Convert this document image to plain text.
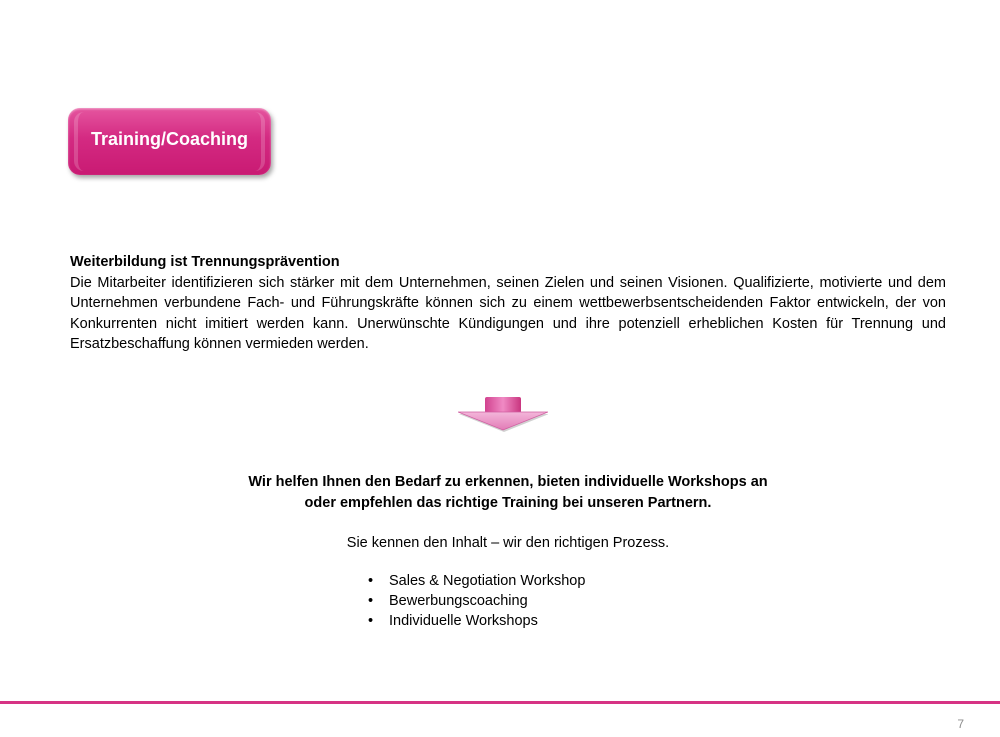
Training/Coaching
Weiterbildung ist Trennungsprävention
Die Mitarbeiter identifizieren sich stärker mit dem Unternehmen, seinen Zielen und seinen Visionen. Qualifizierte, motivierte und dem Unternehmen verbundene Fach- und Führungskräfte können sich zu einem wettbewerbsentscheidenden Faktor entwickeln, der von Konkurrenten nicht imitiert werden kann. Unerwünschte Kündigungen und ihre potenziell erheblichen Kosten für Trennung und Ersatzbeschaffung können vermieden werden.
Wir helfen Ihnen den Bedarf zu erkennen, bieten individuelle Workshops an
oder empfehlen das richtige Training bei unseren Partnern.
Sie kennen den Inhalt – wir den richtigen Prozess.
• Sales & Negotiation Workshop
• Bewerbungscoaching
• Individuelle Workshops
7
